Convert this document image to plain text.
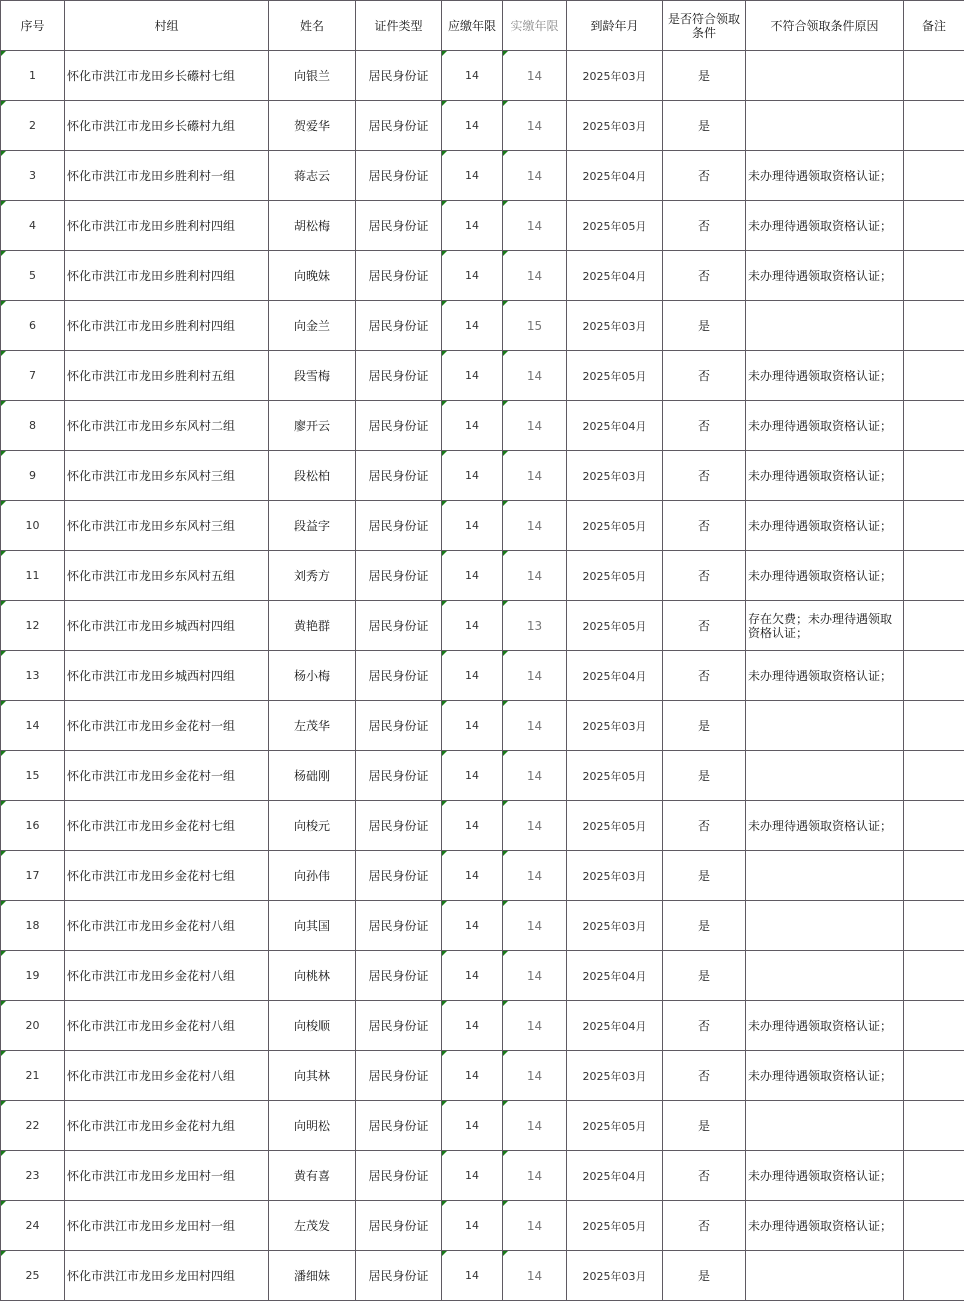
序号	村组	姓名	证件类型	应缴年限	实缴年限	到龄年月	是否符合领取条件	不符合领取条件原因	备注

1	怀化市洪江市龙田乡长礤村七组	向银兰	居民身份证	14	14	2025年03月	是		

2	怀化市洪江市龙田乡长礤村九组	贺爱华	居民身份证	14	14	2025年03月	是		

3	怀化市洪江市龙田乡胜利村一组	蒋志云	居民身份证	14	14	2025年04月	否	未办理待遇领取资格认证；	

4	怀化市洪江市龙田乡胜利村四组	胡松梅	居民身份证	14	14	2025年05月	否	未办理待遇领取资格认证；	

5	怀化市洪江市龙田乡胜利村四组	向晚妹	居民身份证	14	14	2025年04月	否	未办理待遇领取资格认证；	

6	怀化市洪江市龙田乡胜利村四组	向金兰	居民身份证	14	15	2025年03月	是		

7	怀化市洪江市龙田乡胜利村五组	段雪梅	居民身份证	14	14	2025年05月	否	未办理待遇领取资格认证；	

8	怀化市洪江市龙田乡东风村二组	廖开云	居民身份证	14	14	2025年04月	否	未办理待遇领取资格认证；	

9	怀化市洪江市龙田乡东风村三组	段松柏	居民身份证	14	14	2025年03月	否	未办理待遇领取资格认证；	

10	怀化市洪江市龙田乡东风村三组	段益字	居民身份证	14	14	2025年05月	否	未办理待遇领取资格认证；	

11	怀化市洪江市龙田乡东风村五组	刘秀方	居民身份证	14	14	2025年05月	否	未办理待遇领取资格认证；	

12	怀化市洪江市龙田乡城西村四组	黄艳群	居民身份证	14	13	2025年05月	否	存在欠费；未办理待遇领取资格认证；	

13	怀化市洪江市龙田乡城西村四组	杨小梅	居民身份证	14	14	2025年04月	否	未办理待遇领取资格认证；	

14	怀化市洪江市龙田乡金花村一组	左茂华	居民身份证	14	14	2025年03月	是		

15	怀化市洪江市龙田乡金花村一组	杨础刚	居民身份证	14	14	2025年05月	是		

16	怀化市洪江市龙田乡金花村七组	向梭元	居民身份证	14	14	2025年05月	否	未办理待遇领取资格认证；	

17	怀化市洪江市龙田乡金花村七组	向孙伟	居民身份证	14	14	2025年03月	是		

18	怀化市洪江市龙田乡金花村八组	向其国	居民身份证	14	14	2025年03月	是		

19	怀化市洪江市龙田乡金花村八组	向桃林	居民身份证	14	14	2025年04月	是		

20	怀化市洪江市龙田乡金花村八组	向梭顺	居民身份证	14	14	2025年04月	否	未办理待遇领取资格认证；	

21	怀化市洪江市龙田乡金花村八组	向其林	居民身份证	14	14	2025年03月	否	未办理待遇领取资格认证；	

22	怀化市洪江市龙田乡金花村九组	向明松	居民身份证	14	14	2025年05月	是		

23	怀化市洪江市龙田乡龙田村一组	黄有喜	居民身份证	14	14	2025年04月	否	未办理待遇领取资格认证；	

24	怀化市洪江市龙田乡龙田村一组	左茂发	居民身份证	14	14	2025年05月	否	未办理待遇领取资格认证；	

25	怀化市洪江市龙田乡龙田村四组	潘细妹	居民身份证	14	14	2025年03月	是		
